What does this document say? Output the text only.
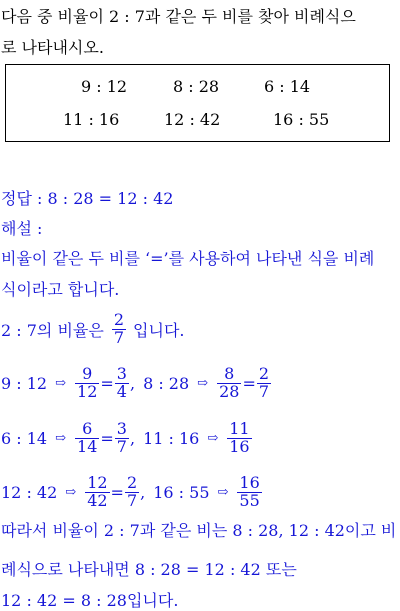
다음 중 비율이 2 : 7과 같은 두 비를 찾아 비례식으
로 나타내시오.
9 : 12	8 : 28	6 : 14
11 : 16	12 : 42	16 : 55
정답 : 8 : 28 = 12 : 42
해설 :
비율이 같은 두 비를 ‘=’를 사용하여 나타낸 식을 비례
식이라고 합니다.
2 : 7의 비율은 $\frac{2}{7}$ 입니다.
9 : 12 ⇨ $\frac{9}{12} = \frac{3}{4}$ , 8 : 28 ⇨ $\frac{8}{28} = \frac{2}{7}$
6 : 14 ⇨ $\frac{6}{14} = \frac{3}{7}$ , 11 : 16 ⇨ $\frac{11}{16}$
12 : 42 ⇨ $\frac{12}{42} = \frac{2}{7}$ , 16 : 55 ⇨ $\frac{16}{55}$
따라서 비율이 2 : 7과 같은 비는 8 : 28, 12 : 42이고 비
례식으로 나타내면 8 : 28 = 12 : 42 또는
12 : 42 = 8 : 28입니다.
